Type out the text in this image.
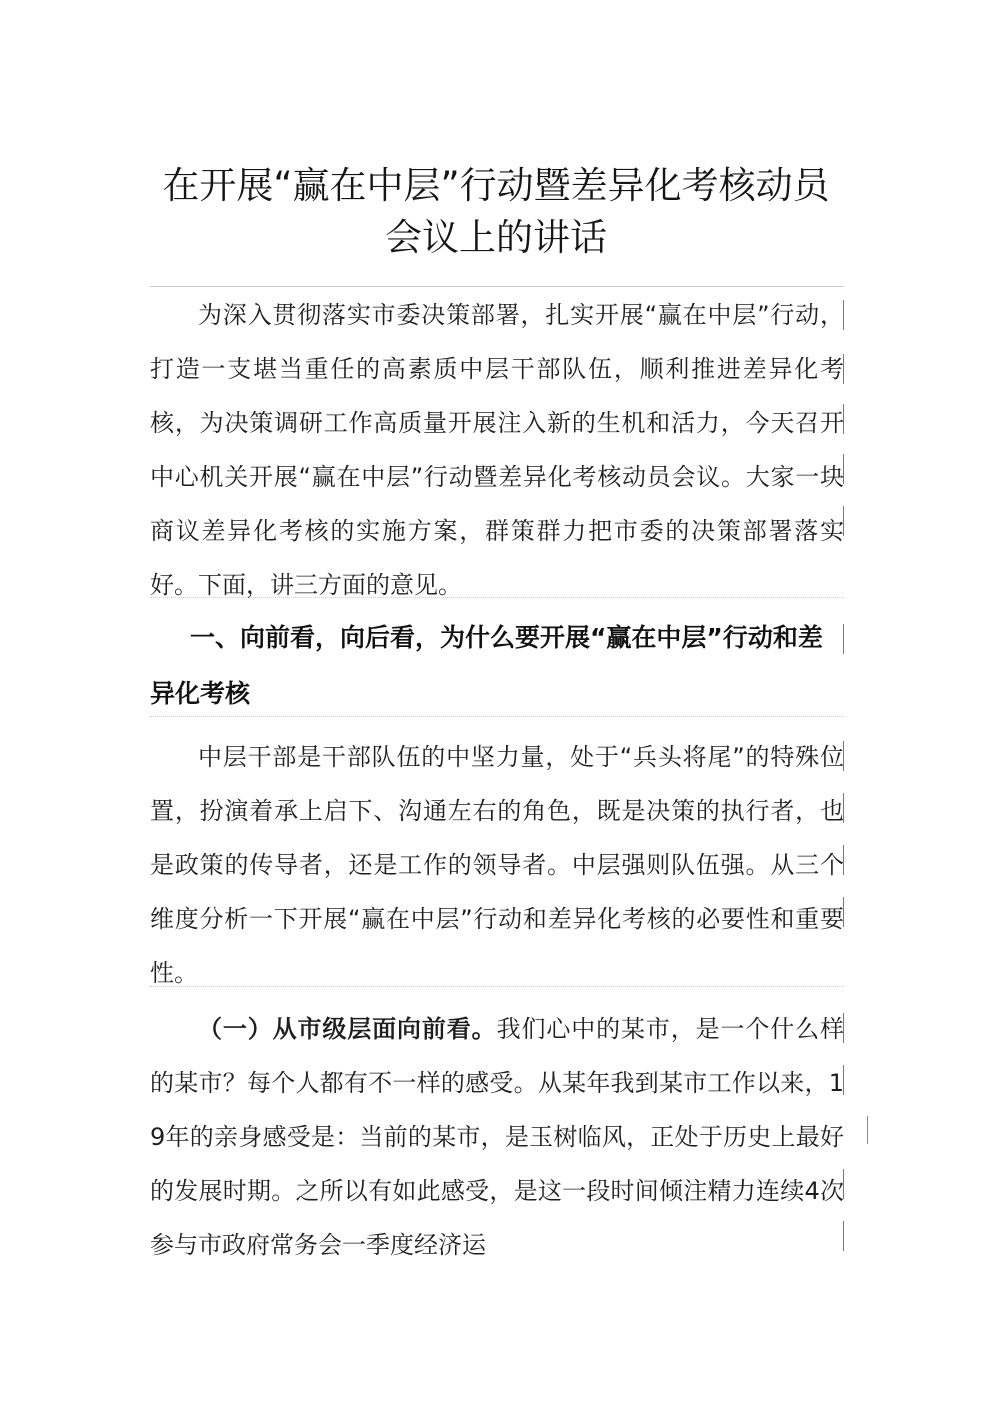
在开展“赢在中层”行动暨差异化考核动员
会议上的讲话

为深入贯彻落实市委决策部署，扎实开展“赢在中层”行动，打造一支堪当重任的高素质中层干部队伍，顺利推进差异化考核，为决策调研工作高质量开展注入新的生机和活力，今天召开中心机关开展“赢在中层”行动暨差异化考核动员会议。大家一块商议差异化考核的实施方案，群策群力把市委的决策部署落实好。下面，讲三方面的意见。

一、向前看，向后看，为什么要开展“赢在中层”行动和差异化考核

中层干部是干部队伍的中坚力量，处于“兵头将尾”的特殊位置，扮演着承上启下、沟通左右的角色，既是决策的执行者，也是政策的传导者，还是工作的领导者。中层强则队伍强。从三个维度分析一下开展“赢在中层”行动和差异化考核的必要性和重要性。

（一）从市级层面向前看。我们心中的某市，是一个什么样的某市？每个人都有不一样的感受。从某年我到某市工作以来，19年的亲身感受是：当前的某市，是玉树临风，正处于历史上最好的发展时期。之所以有如此感受，是这一段时间倾注精力连续4次参与市政府常务会一季度经济运
